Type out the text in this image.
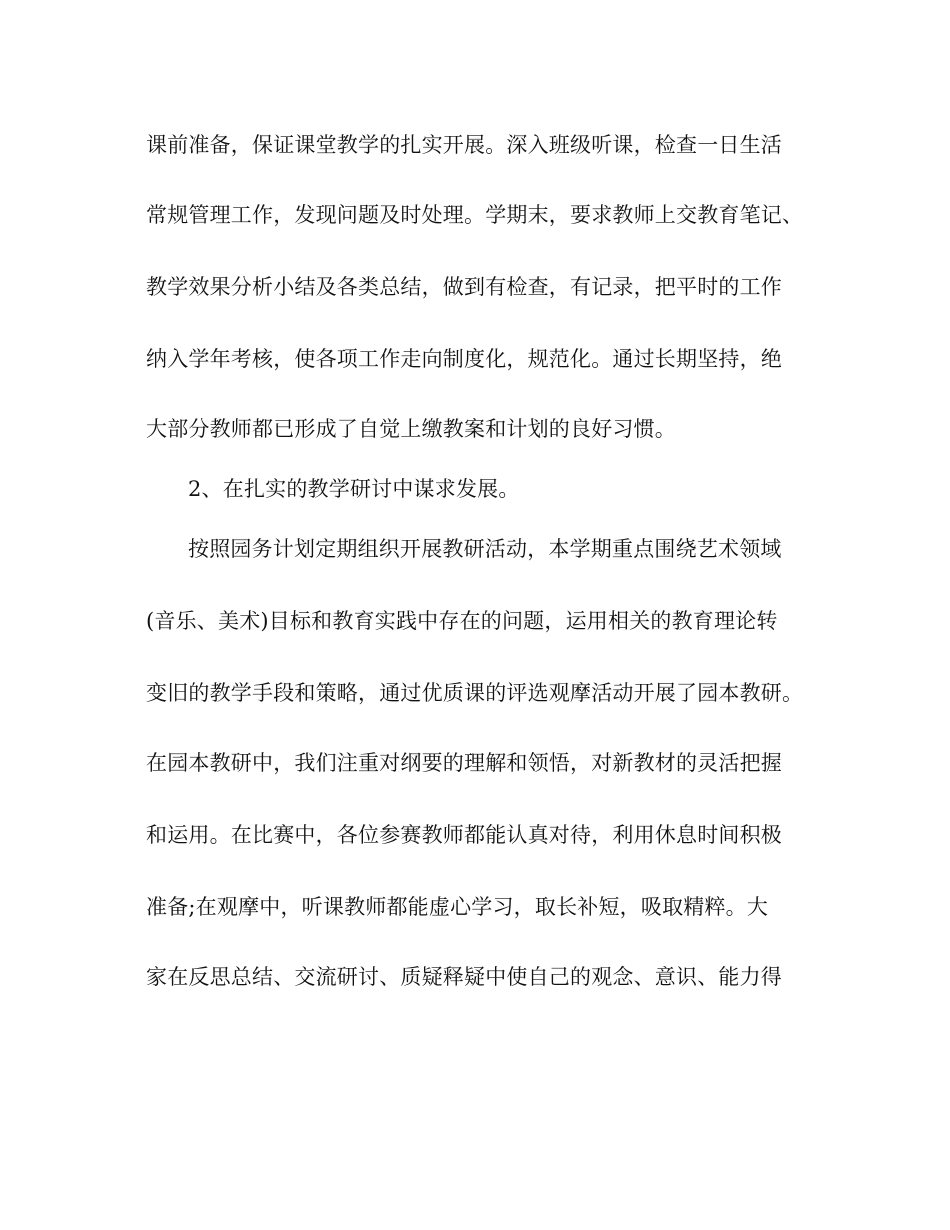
课前准备，保证课堂教学的扎实开展。深入班级听课，检查一日生活
常规管理工作，发现问题及时处理。学期末，要求教师上交教育笔记、
教学效果分析小结及各类总结，做到有检查，有记录，把平时的工作
纳入学年考核，使各项工作走向制度化，规范化。通过长期坚持，绝
大部分教师都已形成了自觉上缴教案和计划的良好习惯。
2、在扎实的教学研讨中谋求发展。
按照园务计划定期组织开展教研活动，本学期重点围绕艺术领域
(音乐、美术)目标和教育实践中存在的问题，运用相关的教育理论转
变旧的教学手段和策略，通过优质课的评选观摩活动开展了园本教研。
在园本教研中，我们注重对纲要的理解和领悟，对新教材的灵活把握
和运用。在比赛中，各位参赛教师都能认真对待，利用休息时间积极
准备;在观摩中，听课教师都能虚心学习，取长补短，吸取精粹。大
家在反思总结、交流研讨、质疑释疑中使自己的观念、意识、能力得
